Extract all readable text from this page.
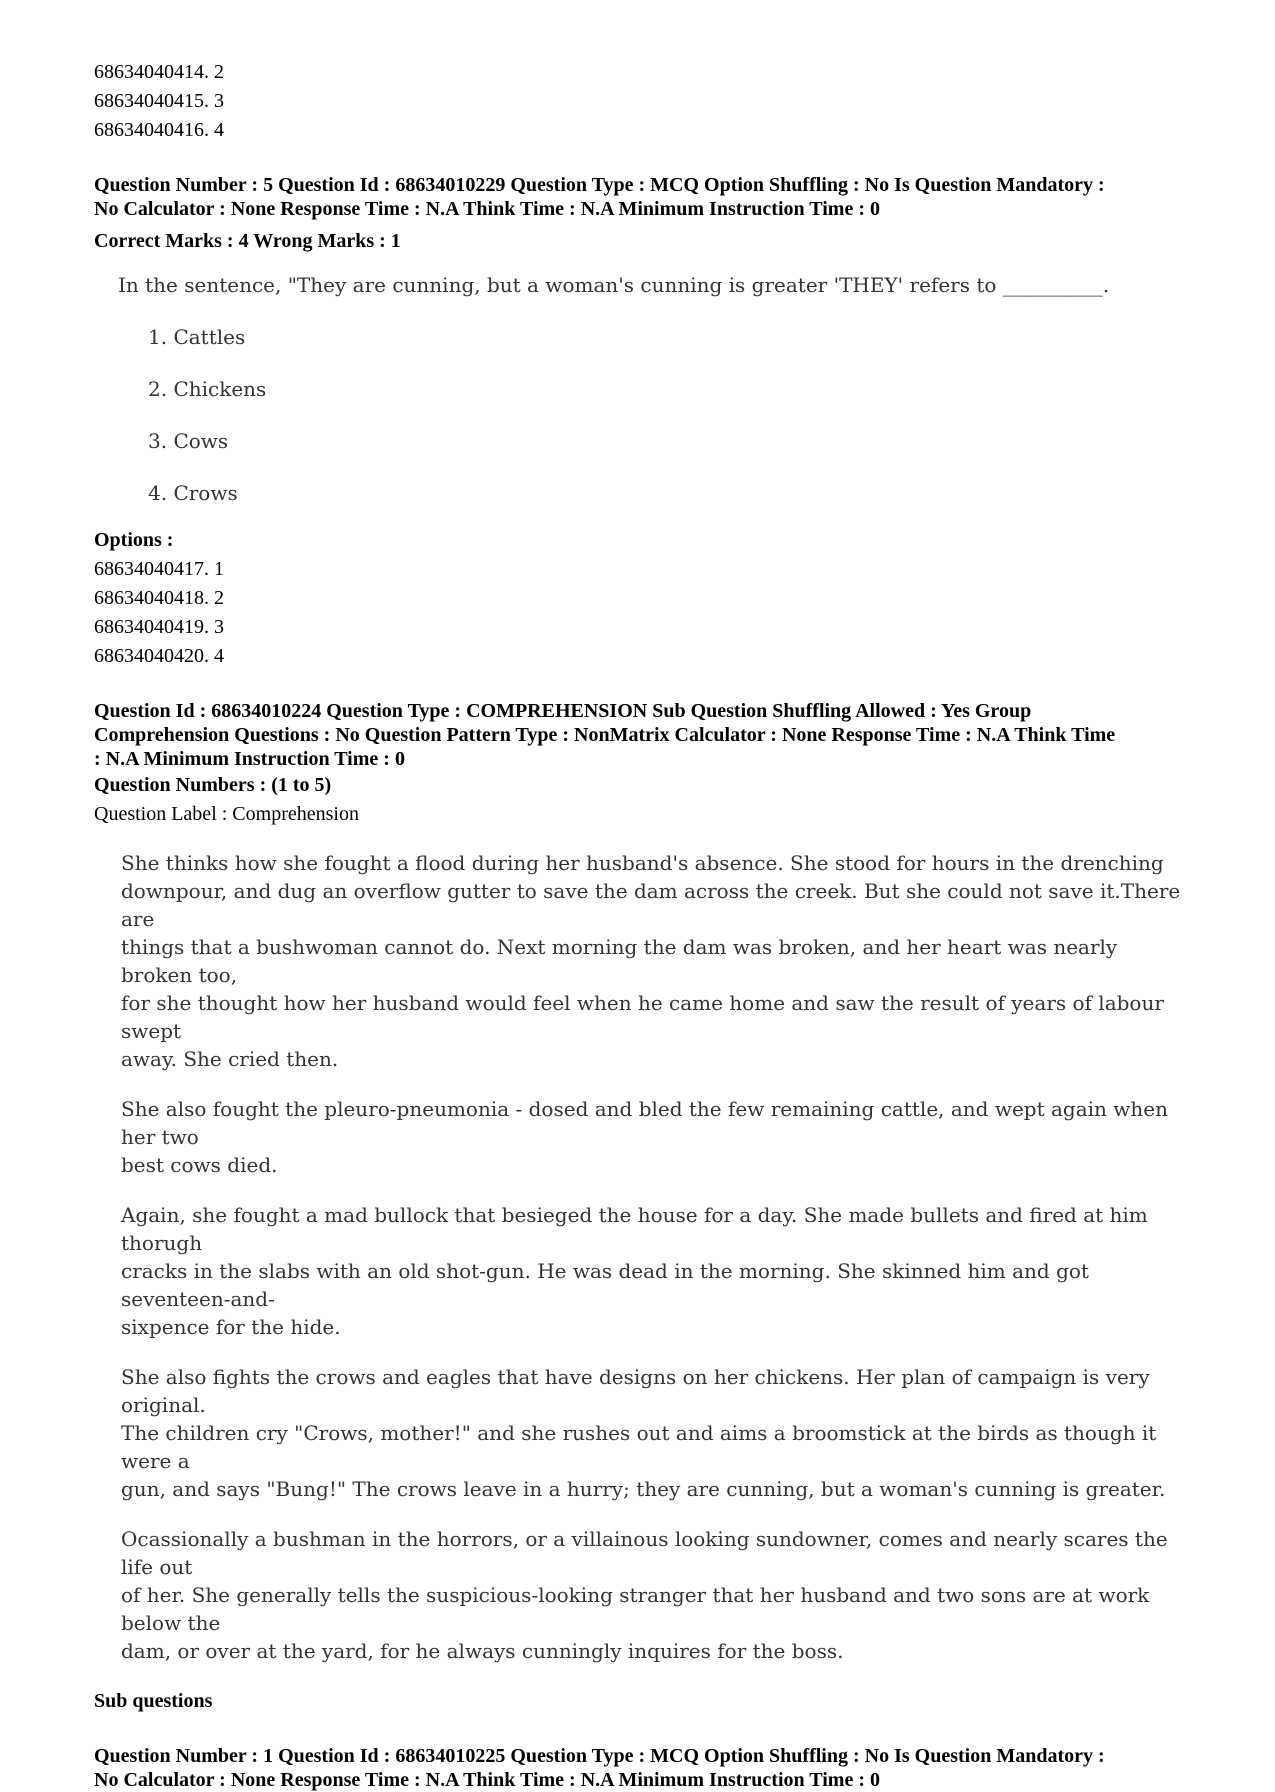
68634040414. 2
68634040415. 3
68634040416. 4
Question Number : 5 Question Id : 68634010229 Question Type : MCQ Option Shuffling : No Is Question Mandatory :
No Calculator : None Response Time : N.A Think Time : N.A Minimum Instruction Time : 0
Correct Marks : 4 Wrong Marks : 1
In the sentence, "They are cunning, but a woman's cunning is greater 'THEY' refers to __________.
1. Cattles
2. Chickens
3. Cows
4. Crows
Options :
68634040417. 1
68634040418. 2
68634040419. 3
68634040420. 4
Question Id : 68634010224 Question Type : COMPREHENSION Sub Question Shuffling Allowed : Yes Group
Comprehension Questions : No Question Pattern Type : NonMatrix Calculator : None Response Time : N.A Think Time
: N.A Minimum Instruction Time : 0
Question Numbers : (1 to 5)
Question Label : Comprehension

She thinks how she fought a flood during her husband's absence. She stood for hours in the drenching
downpour, and dug an overflow gutter to save the dam across the creek. But she could not save it.There are
things that a bushwoman cannot do. Next morning the dam was broken, and her heart was nearly broken too,
for she thought how her husband would feel when he came home and saw the result of years of labour swept
away. She cried then.

She also fought the pleuro-pneumonia - dosed and bled the few remaining cattle, and wept again when her two
best cows died.

Again, she fought a mad bullock that besieged the house for a day. She made bullets and fired at him thorugh
cracks in the slabs with an old shot-gun. He was dead in the morning. She skinned him and got seventeen-and-
sixpence for the hide.

She also fights the crows and eagles that have designs on her chickens. Her plan of campaign is very original.
The children cry "Crows, mother!" and she rushes out and aims a broomstick at the birds as though it were a
gun, and says "Bung!" The crows leave in a hurry; they are cunning, but a woman's cunning is greater.

Ocassionally a bushman in the horrors, or a villainous looking sundowner, comes and nearly scares the life out
of her. She generally tells the suspicious-looking stranger that her husband and two sons are at work below the
dam, or over at the yard, for he always cunningly inquires for the boss.

Sub questions
Question Number : 1 Question Id : 68634010225 Question Type : MCQ Option Shuffling : No Is Question Mandatory :
No Calculator : None Response Time : N.A Think Time : N.A Minimum Instruction Time : 0
